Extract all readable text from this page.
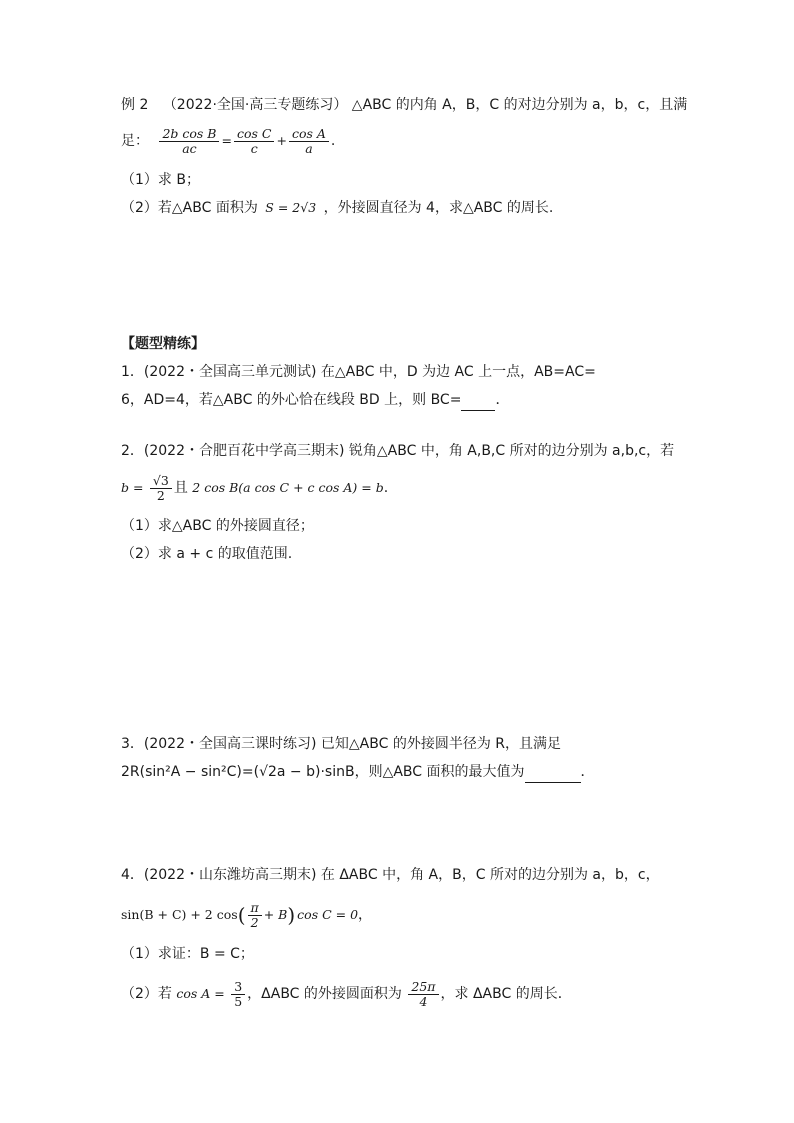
例 2 （2022·全国·高三专题练习） △ABC 的内角 A，B，C 的对边分别为 a，b，c，且满
足： $\frac{\text{2b cos B}}{ac} = \frac{\text{cos C}}{c} + \frac{\text{cos A}}{a}$ .
（1）求 B；
（2）若△ABC 面积为 S = 2√3 ，外接圆直径为 4，求△ABC 的周长.
【题型精练】
1．(2022・全国高三单元测试) 在△ABC 中，D 为边 AC 上一点，AB=AC=
6，AD=4，若△ABC 的外心恰在线段 BD 上，则 BC= ．
2．(2022・合肥百花中学高三期末) 锐角△ABC 中，角 A,B,C 所对的边分别为 a,b,c，若
$b = \frac{√3}{2}$ 且 2 cos B(a cos C + c cos A) = b.
（1）求△ABC 的外接圆直径；
（2）求 a + c 的取值范围.
3．(2022・全国高三课时练习) 已知△ABC 的外接圆半径为 R，且满足
2R(sin²A − sin²C)=(√2a − b)·sinB，则△ABC 面积的最大值为	．
4．(2022・山东潍坊高三期末) 在 ΔABC 中，角 A，B，C 所对的边分别为 a，b，c，
sin(B + C) + 2 $\cos( \frac{\pi}{2} + B)$ cos C = 0，
（1）求证：B = C；
（2）若 $\cos A = \frac{3}{5}$ ，ΔABC 的外接圆面积为 $\frac{25\pi}{4}$ ，求 ΔABC 的周长．
